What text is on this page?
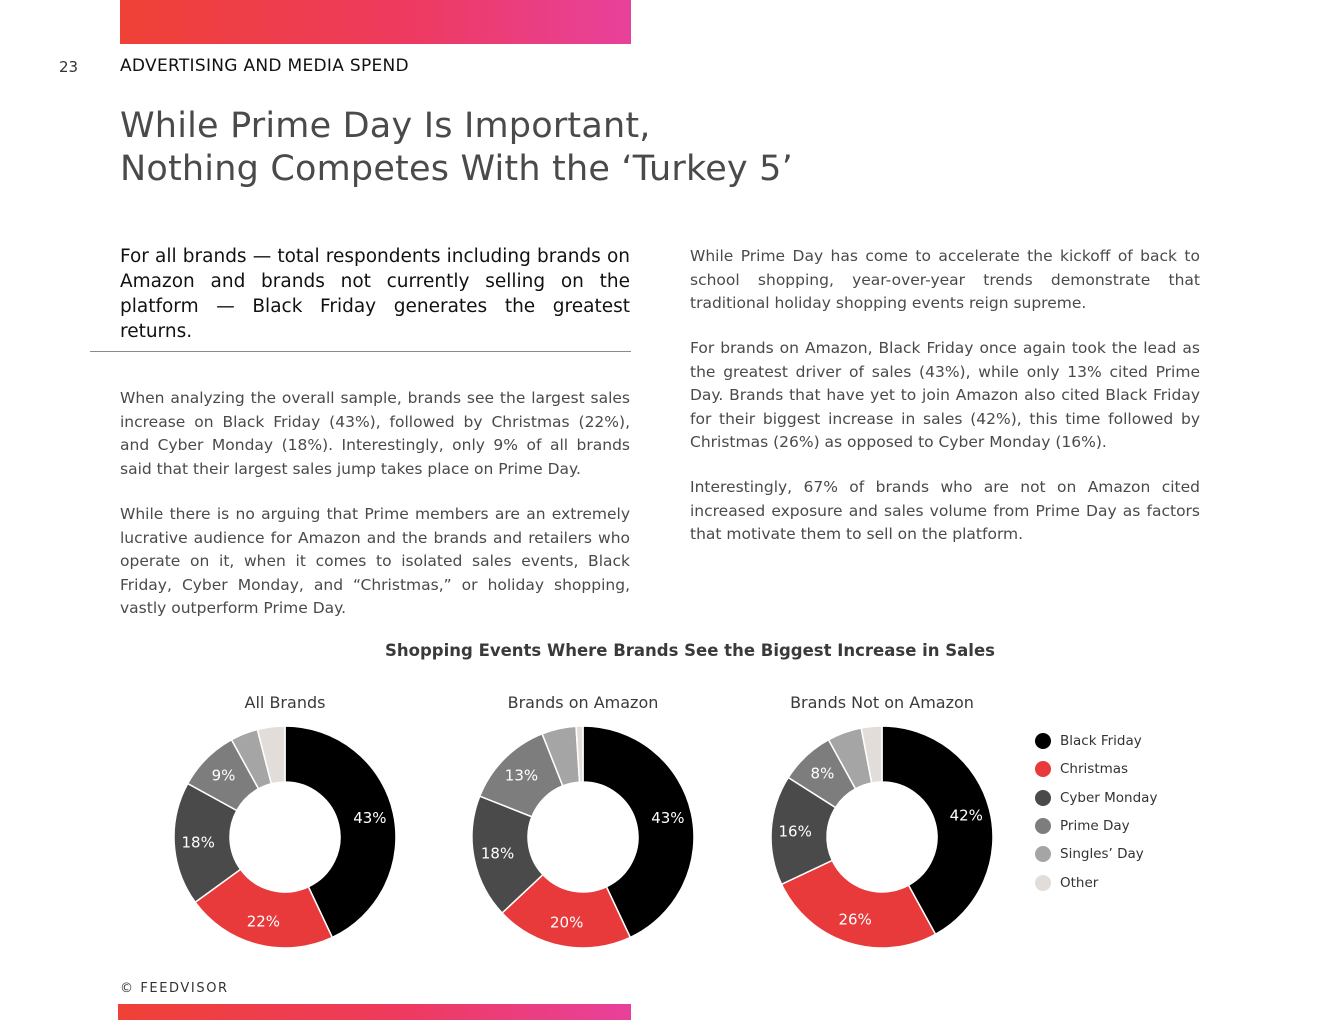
23 ADVERTISING AND MEDIA SPEND
While Prime Day Is Important,
Nothing Competes With the ‘Turkey 5’

For all brands — total respondents including brands on Amazon and brands not currently selling on the platform — Black Friday generates the greatest returns.

When analyzing the overall sample, brands see the largest sales increase on Black Friday (43%), followed by Christmas (22%), and Cyber Monday (18%). Interestingly, only 9% of all brands said that their largest sales jump takes place on Prime Day.

While there is no arguing that Prime members are an extremely lucrative audience for Amazon and the brands and retailers who operate on it, when it comes to isolated sales events, Black Friday, Cyber Monday, and “Christmas,” or holiday shopping, vastly outperform Prime Day.

While Prime Day has come to accelerate the kickoff of back to school shopping, year-over-year trends demonstrate that traditional holiday shopping events reign supreme.

For brands on Amazon, Black Friday once again took the lead as the greatest driver of sales (43%), while only 13% cited Prime Day. Brands that have yet to join Amazon also cited Black Friday for their biggest increase in sales (42%), this time followed by Christmas (26%) as opposed to Cyber Monday (16%).

Interestingly, 67% of brands who are not on Amazon cited increased exposure and sales volume from Prime Day as factors that motivate them to sell on the platform.

Shopping Events Where Brands See the Biggest Increase in Sales
All Brands
43%
22%
18%
9%
Brands on Amazon
43%
20%
18%
13%
Brands Not on Amazon
42%
26%
16%
8%
Black Friday
Christmas
Cyber Monday
Prime Day
Singles’ Day
Other
© FEEDVISOR
